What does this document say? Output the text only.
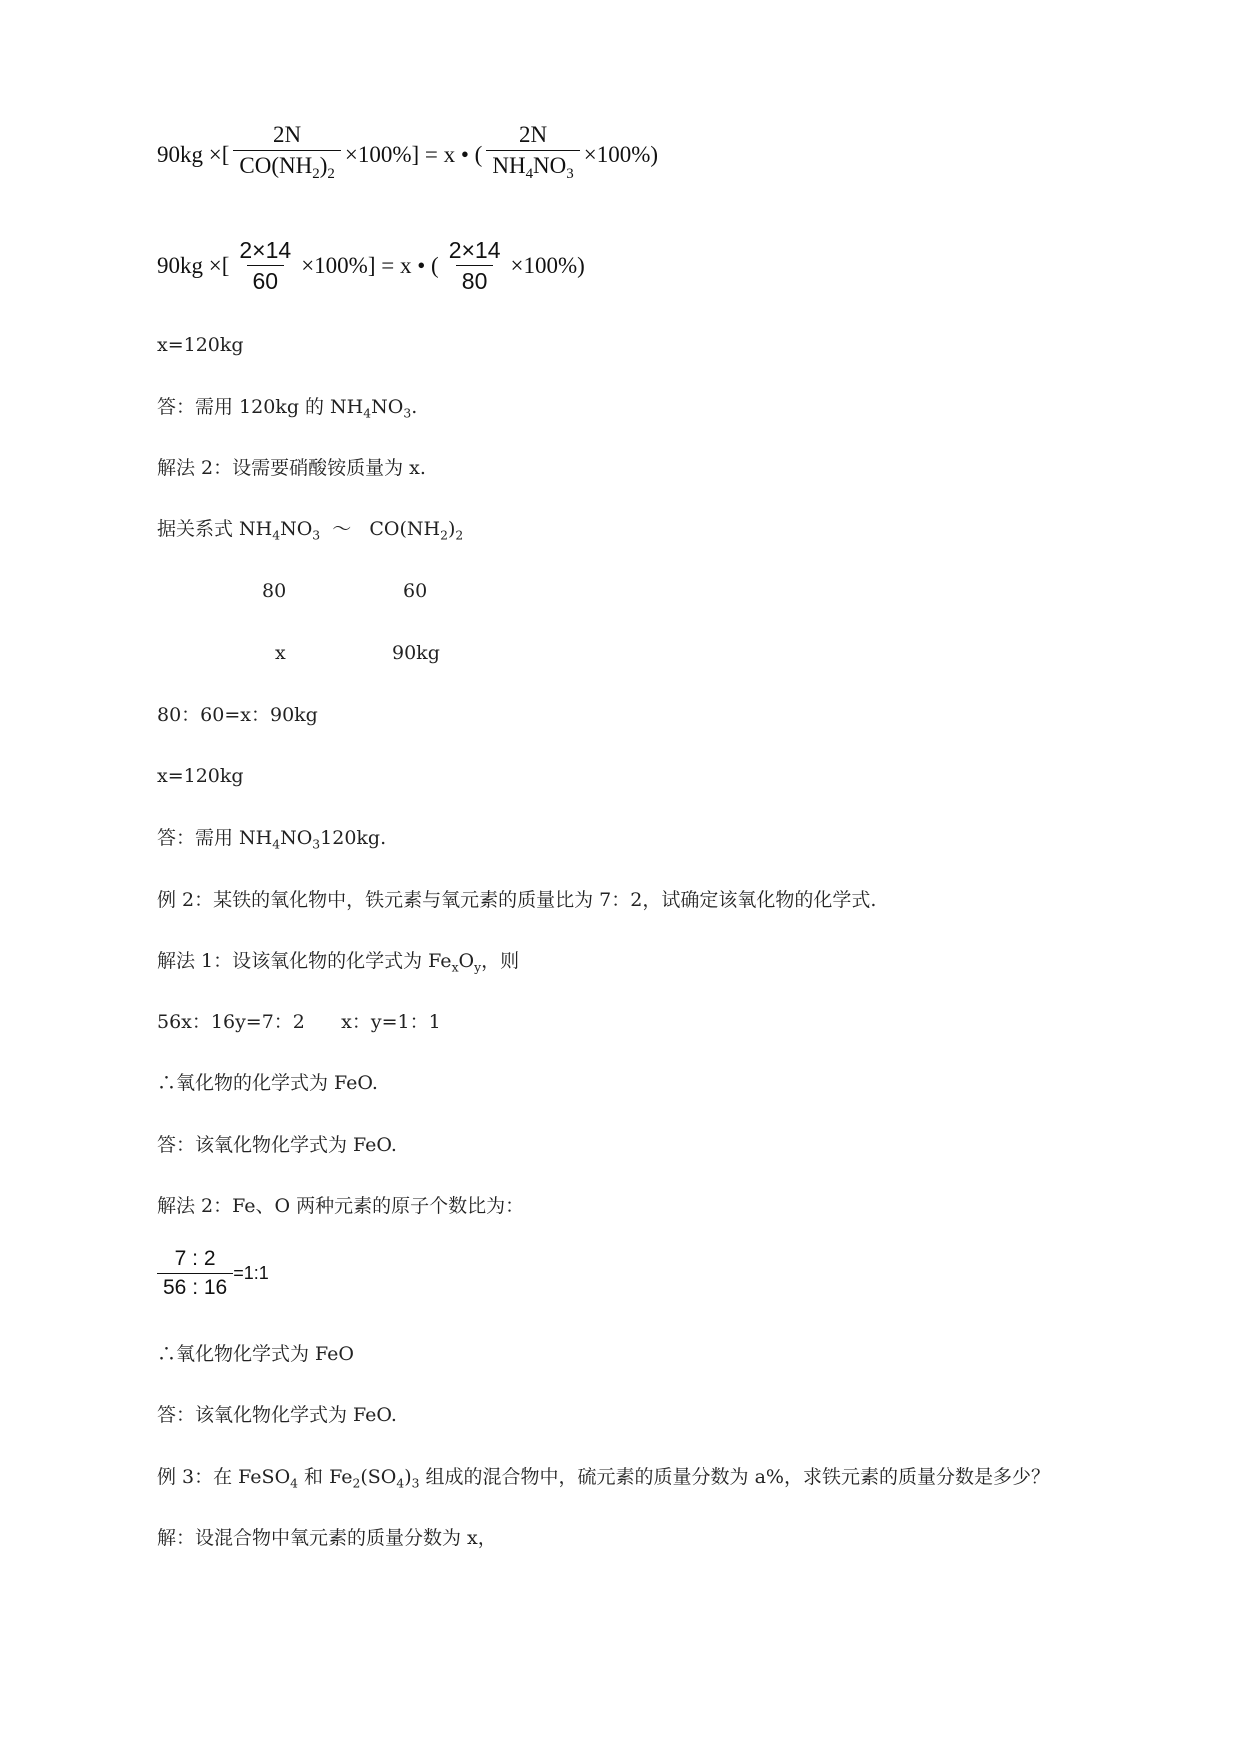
90kg ×[ $\frac{2N}{CO(NH_2)_2} \times 100\%] = x$ • ( $\frac{2N}{NH_4NO_3} \times 100\%$)
90kg ×[ $\frac{2\times 14}{60} \times 100\%] = x$ • ( $\frac{2\times 14}{80} \times 100\%$)
x=120kg
答：需用 120kg 的 $NH_4NO_3$.
解法 2：设需要硝酸铵质量为 x.
据关系式 $NH_4NO_3$  ～   $CO(NH_2)_2$
80	60
x	90kg
80：60=x：90kg
x=120kg
答：需用 $NH_4NO_3120kg$.
例 2：某铁的氧化物中，铁元素与氧元素的质量比为 7：2，试确定该氧化物的化学式.
解法 1：设该氧化物的化学式为 $Fe_xO_y$，则
56x：16y=7：2      x：y=1：1
∴氧化物的化学式为 FeO.
答：该氧化物化学式为 FeO.
解法 2：Fe、O 两种元素的原子个数比为：
$\frac{7 : 2}{56 : 16}$ =1:1
∴氧化物化学式为 FeO
答：该氧化物化学式为 FeO.
例 3：在 FeSO$_4$ 和 $Fe_2(SO_4)_3$ 组成的混合物中，硫元素的质量分数为 a%，求铁元素的质量分数是多少？
解：设混合物中氧元素的质量分数为 x，
